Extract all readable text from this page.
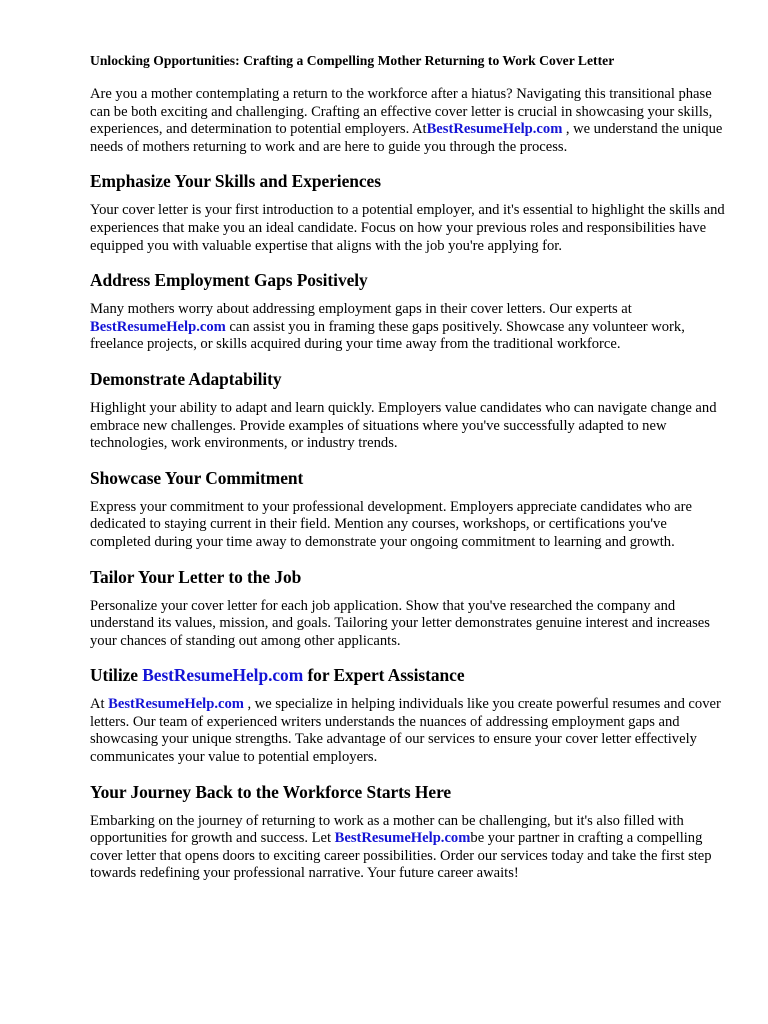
Unlocking Opportunities: Crafting a Compelling Mother Returning to Work Cover Letter

Are you a mother contemplating a return to the workforce after a hiatus? Navigating this transitional phase can be both exciting and challenging. Crafting an effective cover letter is crucial in showcasing your skills, experiences, and determination to potential employers. AtBestResumeHelp.com , we understand the unique needs of mothers returning to work and are here to guide you through the process.

Emphasize Your Skills and Experiences

Your cover letter is your first introduction to a potential employer, and it's essential to highlight the skills and experiences that make you an ideal candidate. Focus on how your previous roles and responsibilities have equipped you with valuable expertise that aligns with the job you're applying for.

Address Employment Gaps Positively

Many mothers worry about addressing employment gaps in their cover letters. Our experts at BestResumeHelp.com can assist you in framing these gaps positively. Showcase any volunteer work, freelance projects, or skills acquired during your time away from the traditional workforce.

Demonstrate Adaptability

Highlight your ability to adapt and learn quickly. Employers value candidates who can navigate change and embrace new challenges. Provide examples of situations where you've successfully adapted to new technologies, work environments, or industry trends.

Showcase Your Commitment

Express your commitment to your professional development. Employers appreciate candidates who are dedicated to staying current in their field. Mention any courses, workshops, or certifications you've completed during your time away to demonstrate your ongoing commitment to learning and growth.

Tailor Your Letter to the Job

Personalize your cover letter for each job application. Show that you've researched the company and understand its values, mission, and goals. Tailoring your letter demonstrates genuine interest and increases your chances of standing out among other applicants.

Utilize BestResumeHelp.com for Expert Assistance

At BestResumeHelp.com , we specialize in helping individuals like you create powerful resumes and cover letters. Our team of experienced writers understands the nuances of addressing employment gaps and showcasing your unique strengths. Take advantage of our services to ensure your cover letter effectively communicates your value to potential employers.

Your Journey Back to the Workforce Starts Here

Embarking on the journey of returning to work as a mother can be challenging, but it's also filled with opportunities for growth and success. Let BestResumeHelp.combe your partner in crafting a compelling cover letter that opens doors to exciting career possibilities. Order our services today and take the first step towards redefining your professional narrative. Your future career awaits!
